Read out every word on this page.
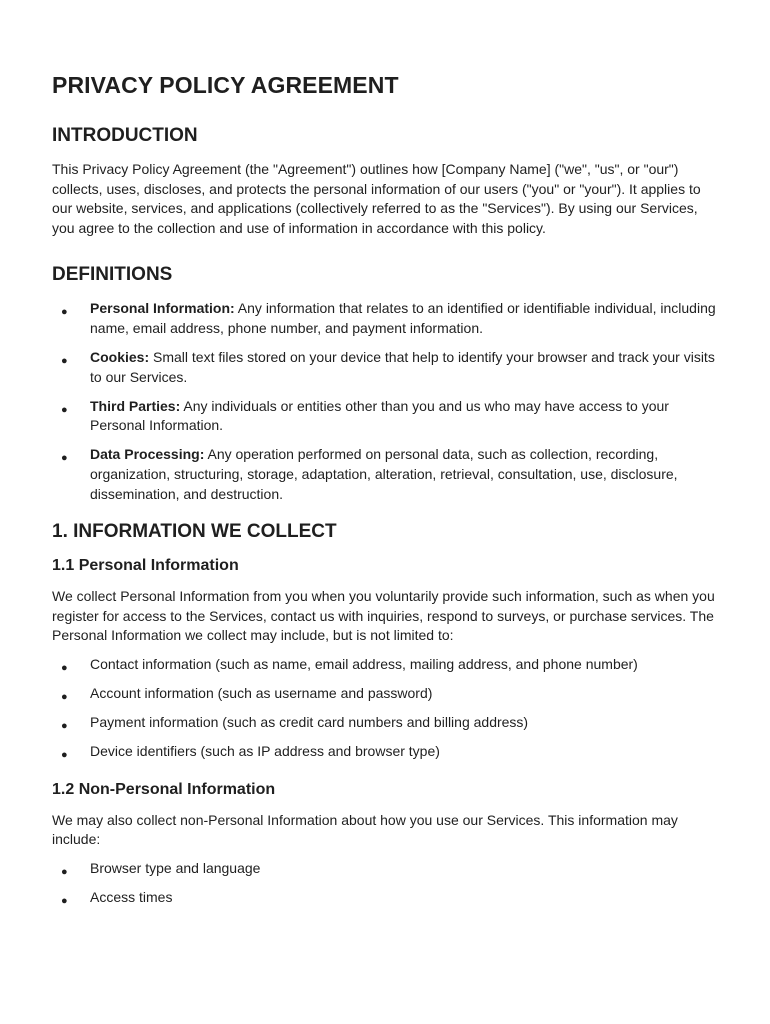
PRIVACY POLICY AGREEMENT
INTRODUCTION

This Privacy Policy Agreement (the "Agreement") outlines how [Company Name] ("we", "us", or "our") collects, uses, discloses, and protects the personal information of our users ("you" or "your"). It applies to our website, services, and applications (collectively referred to as the "Services"). By using our Services, you agree to the collection and use of information in accordance with this policy.

DEFINITIONS
● Personal Information: Any information that relates to an identified or identifiable individual, including name, email address, phone number, and payment information.
● Cookies: Small text files stored on your device that help to identify your browser and track your visits to our Services.
● Third Parties: Any individuals or entities other than you and us who may have access to your Personal Information.
● Data Processing: Any operation performed on personal data, such as collection, recording, organization, structuring, storage, adaptation, alteration, retrieval, consultation, use, disclosure, dissemination, and destruction.
1. INFORMATION WE COLLECT
1.1 Personal Information

We collect Personal Information from you when you voluntarily provide such information, such as when you register for access to the Services, contact us with inquiries, respond to surveys, or purchase services. The Personal Information we collect may include, but is not limited to:

● Contact information (such as name, email address, mailing address, and phone number)
● Account information (such as username and password)
● Payment information (such as credit card numbers and billing address)
● Device identifiers (such as IP address and browser type)
1.2 Non-Personal Information

We may also collect non-Personal Information about how you use our Services. This information may include:

● Browser type and language
● Access times
